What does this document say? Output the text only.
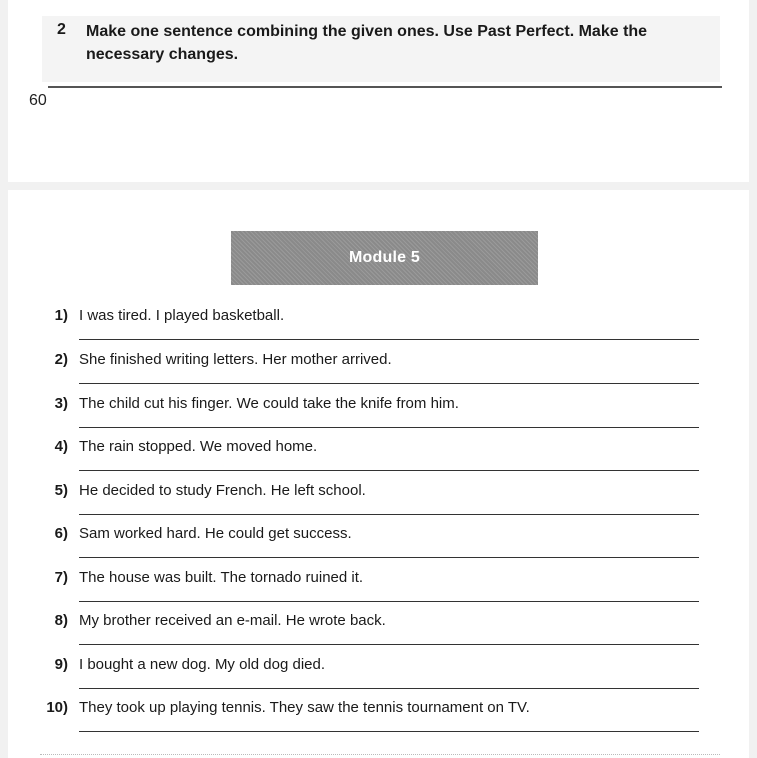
2 Make one sentence combining the given ones. Use Past Perfect. Make the necessary changes.
60
Module 5
1) I was tired. I played basketball.
2) She finished writing letters. Her mother arrived.
3) The child cut his finger. We could take the knife from him.
4) The rain stopped. We moved home.
5) He decided to study French. He left school.
6) Sam worked hard. He could get success.
7) The house was built. The tornado ruined it.
8) My brother received an e-mail. He wrote back.
9) I bought a new dog. My old dog died.
10) They took up playing tennis. They saw the tennis tournament on TV.
